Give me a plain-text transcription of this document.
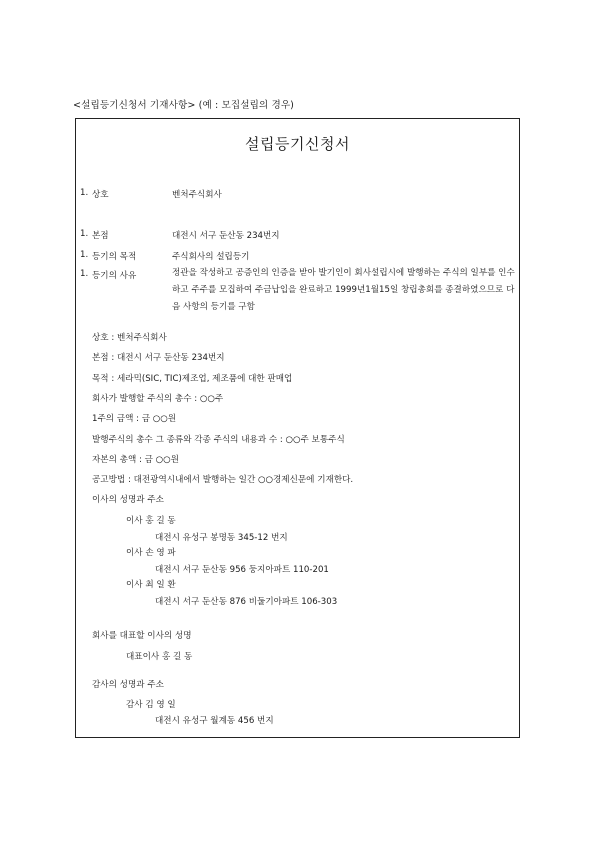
<설립등기신청서 기재사항> (예 : 모집설립의 경우)
설립등기신청서
1. 상호	벤처주식회사
1. 본점	대전시 서구 둔산동 234번지
1. 등기의 목적	주식회사의 설립등기
1. 등기의 사유	정관을 작성하고 공증인의 인증을 받아 발기인이 회사설립시에 발행하는 주식의 일부를 인수하고 주주를 모집하여 주금납입을 완료하고 1999년1월15일 창립총회를 종결하였으므로 다음 사항의 등기를 구함
상호 : 벤처주식회사
본점 : 대전시 서구 둔산동 234번지
목적 : 세라믹(SIC, TIC)제조업, 제조품에 대한 판매업
회사가 발행할 주식의 총수 : ○○주
1주의 금액 : 금 ○○원
발행주식의 총수 그 종류와 각종 주식의 내용과 수 : ○○주 보통주식
자본의 총액 : 금 ○○원
공고방법 : 대전광역시내에서 발행하는 일간 ○○경제신문에 기재한다.
이사의 성명과 주소
이사 홍 길 동
대전시 유성구 봉명동 345-12 번지
이사 손 영 파
대전시 서구 둔산동 956 둥지아파트 110-201
이사 최 일 환
대전시 서구 둔산동 876 비둘기아파트 106-303
회사를 대표할 이사의 성명
대표이사 홍 길 동
감사의 성명과 주소
감사 김 영 일
대전시 유성구 월계동 456 번지
